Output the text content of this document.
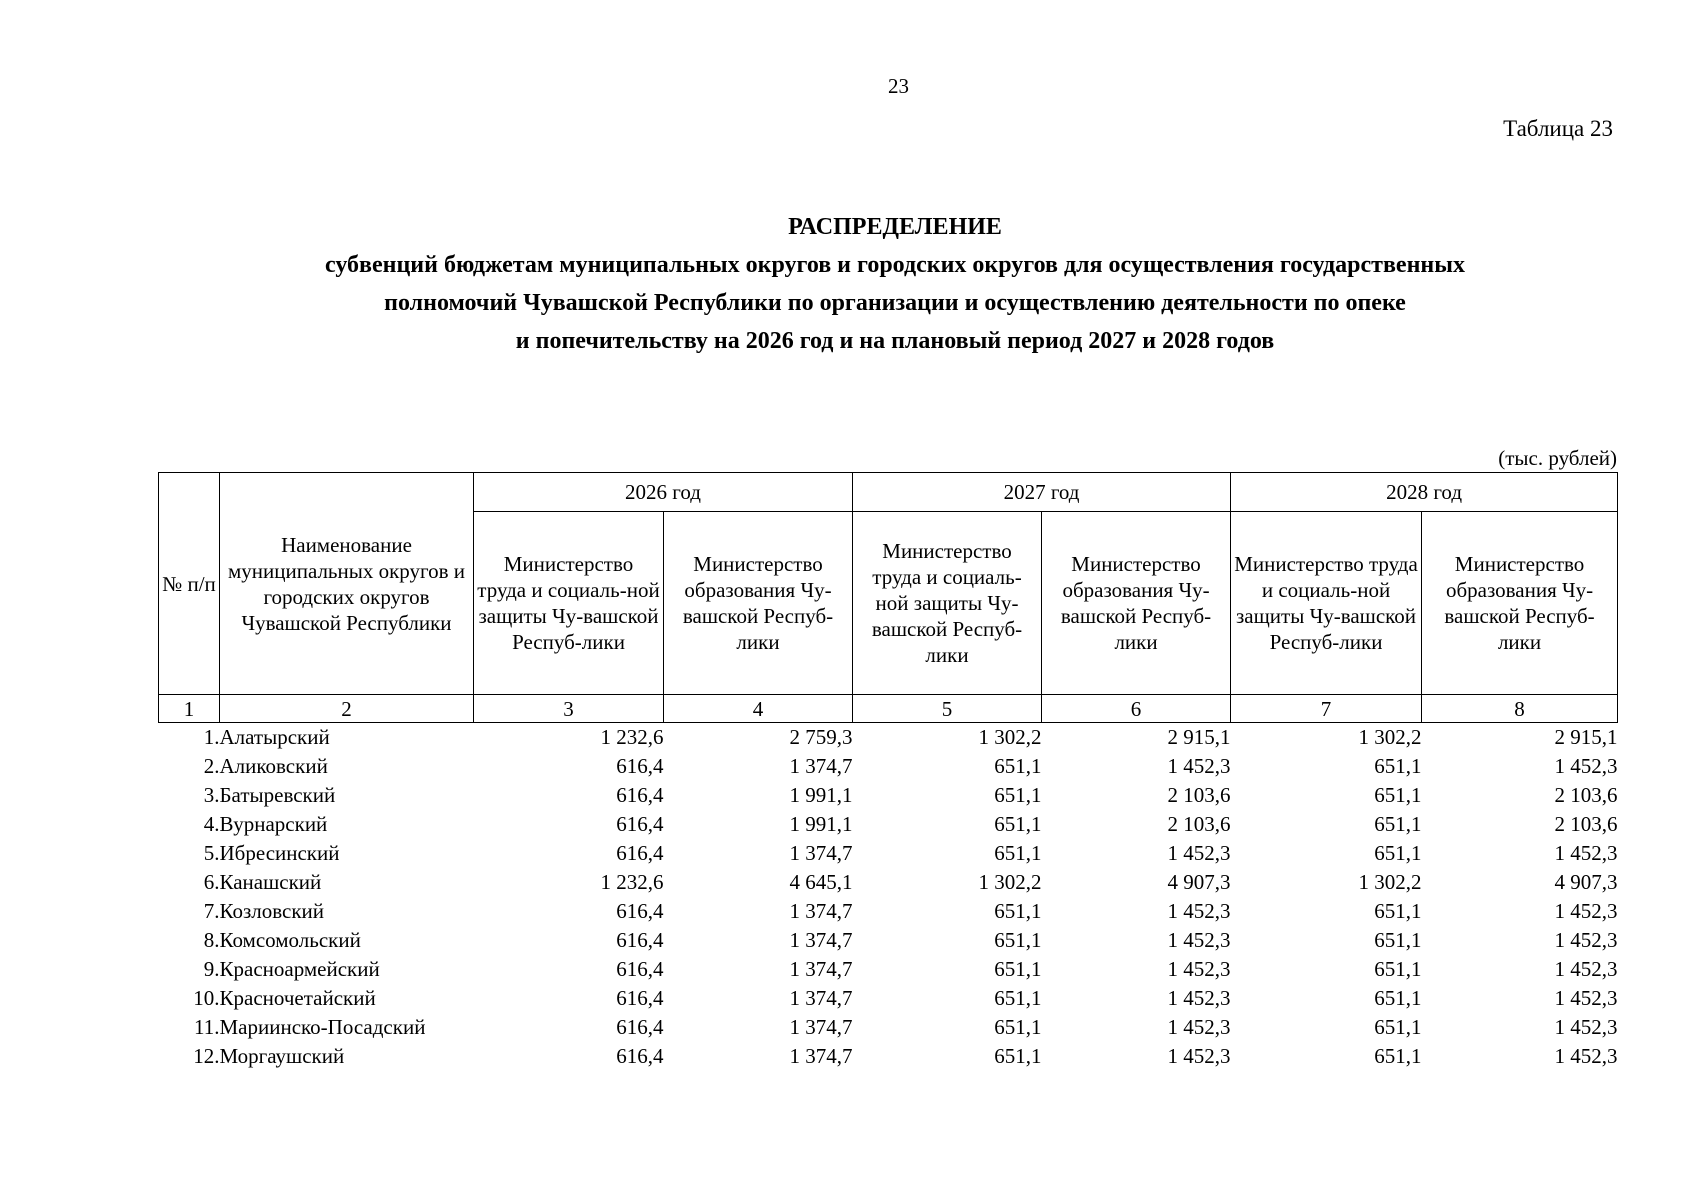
23
Таблица 23
РАСПРЕДЕЛЕНИЕ
субвенций бюджетам муниципальных округов и городских округов для осуществления государственных
полномочий Чувашской Республики по организации и осуществлению деятельности по опеке
и попечительству на 2026 год и на плановый период 2027 и 2028 годов
(тыс. рублей)
№ п/п	Наименование муниципальных округов и городских округов Чувашской Республики	2026 год		2027 год		2028 год	
		Министерство труда и социаль-ной защиты Чу-вашской Респуб-лики	Министерство образования Чу-вашской Респуб-лики	Министерство труда и социаль-ной защиты Чу-вашской Респуб-лики	Министерство образования Чу-вашской Респуб-лики	Министерство труда и социаль-ной защиты Чу-вашской Респуб-лики	Министерство образования Чу-вашской Респуб-лики
1	2	3	4	5	6	7	8
1.	Алатырский	1 232,6	2 759,3	1 302,2	2 915,1	1 302,2	2 915,1
2.	Аликовский	616,4	1 374,7	651,1	1 452,3	651,1	1 452,3
3.	Батыревский	616,4	1 991,1	651,1	2 103,6	651,1	2 103,6
4.	Вурнарский	616,4	1 991,1	651,1	2 103,6	651,1	2 103,6
5.	Ибресинский	616,4	1 374,7	651,1	1 452,3	651,1	1 452,3
6.	Канашский	1 232,6	4 645,1	1 302,2	4 907,3	1 302,2	4 907,3
7.	Козловский	616,4	1 374,7	651,1	1 452,3	651,1	1 452,3
8.	Комсомольский	616,4	1 374,7	651,1	1 452,3	651,1	1 452,3
9.	Красноармейский	616,4	1 374,7	651,1	1 452,3	651,1	1 452,3
10.	Красночетайский	616,4	1 374,7	651,1	1 452,3	651,1	1 452,3
11.	Мариинско-Посадский	616,4	1 374,7	651,1	1 452,3	651,1	1 452,3
12.	Моргаушский	616,4	1 374,7	651,1	1 452,3	651,1	1 452,3
